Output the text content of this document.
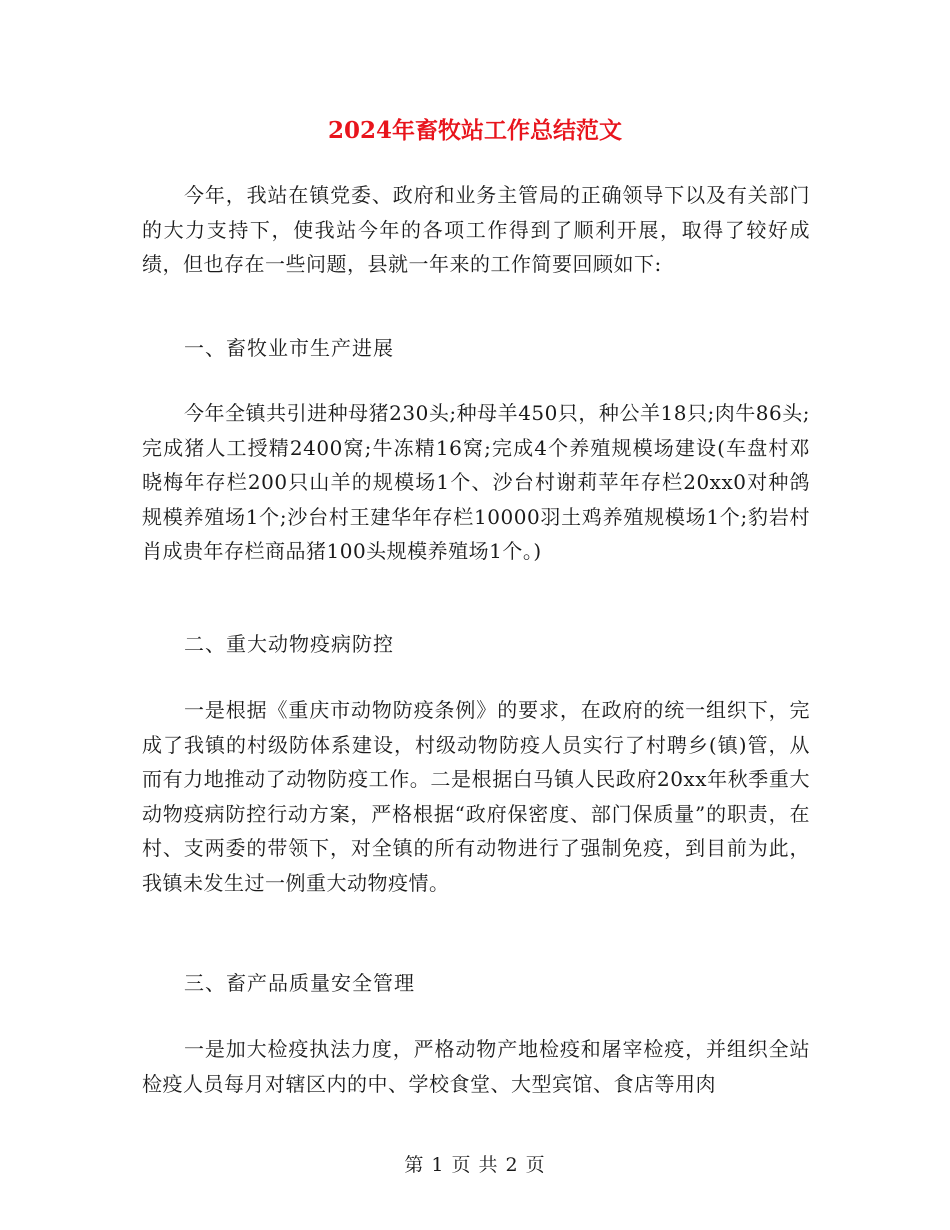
2024年畜牧站工作总结范文
今年，我站在镇党委、政府和业务主管局的正确领导下以及有关部门的大力支持下，使我站今年的各项工作得到了顺利开展，取得了较好成绩，但也存在一些问题，县就一年来的工作简要回顾如下:
一、畜牧业市生产进展
今年全镇共引进种母猪230头;种母羊450只，种公羊18只;肉牛86头;完成猪人工授精2400窝;牛冻精16窝;完成4个养殖规模场建设(车盘村邓晓梅年存栏200只山羊的规模场1个、沙台村谢莉苹年存栏20xx0对种鸽规模养殖场1个;沙台村王建华年存栏10000羽土鸡养殖规模场1个;豹岩村肖成贵年存栏商品猪100头规模养殖场1个。)
二、重大动物疫病防控
一是根据《重庆市动物防疫条例》的要求，在政府的统一组织下，完成了我镇的村级防体系建设，村级动物防疫人员实行了村聘乡(镇)管，从而有力地推动了动物防疫工作。二是根据白马镇人民政府20xx年秋季重大动物疫病防控行动方案，严格根据“政府保密度、部门保质量”的职责，在村、支两委的带领下，对全镇的所有动物进行了强制免疫，到目前为此，我镇未发生过一例重大动物疫情。
三、畜产品质量安全管理
一是加大检疫执法力度，严格动物产地检疫和屠宰检疫，并组织全站检疫人员每月对辖区内的中、学校食堂、大型宾馆、食店等用肉
第 1 页 共 2 页
